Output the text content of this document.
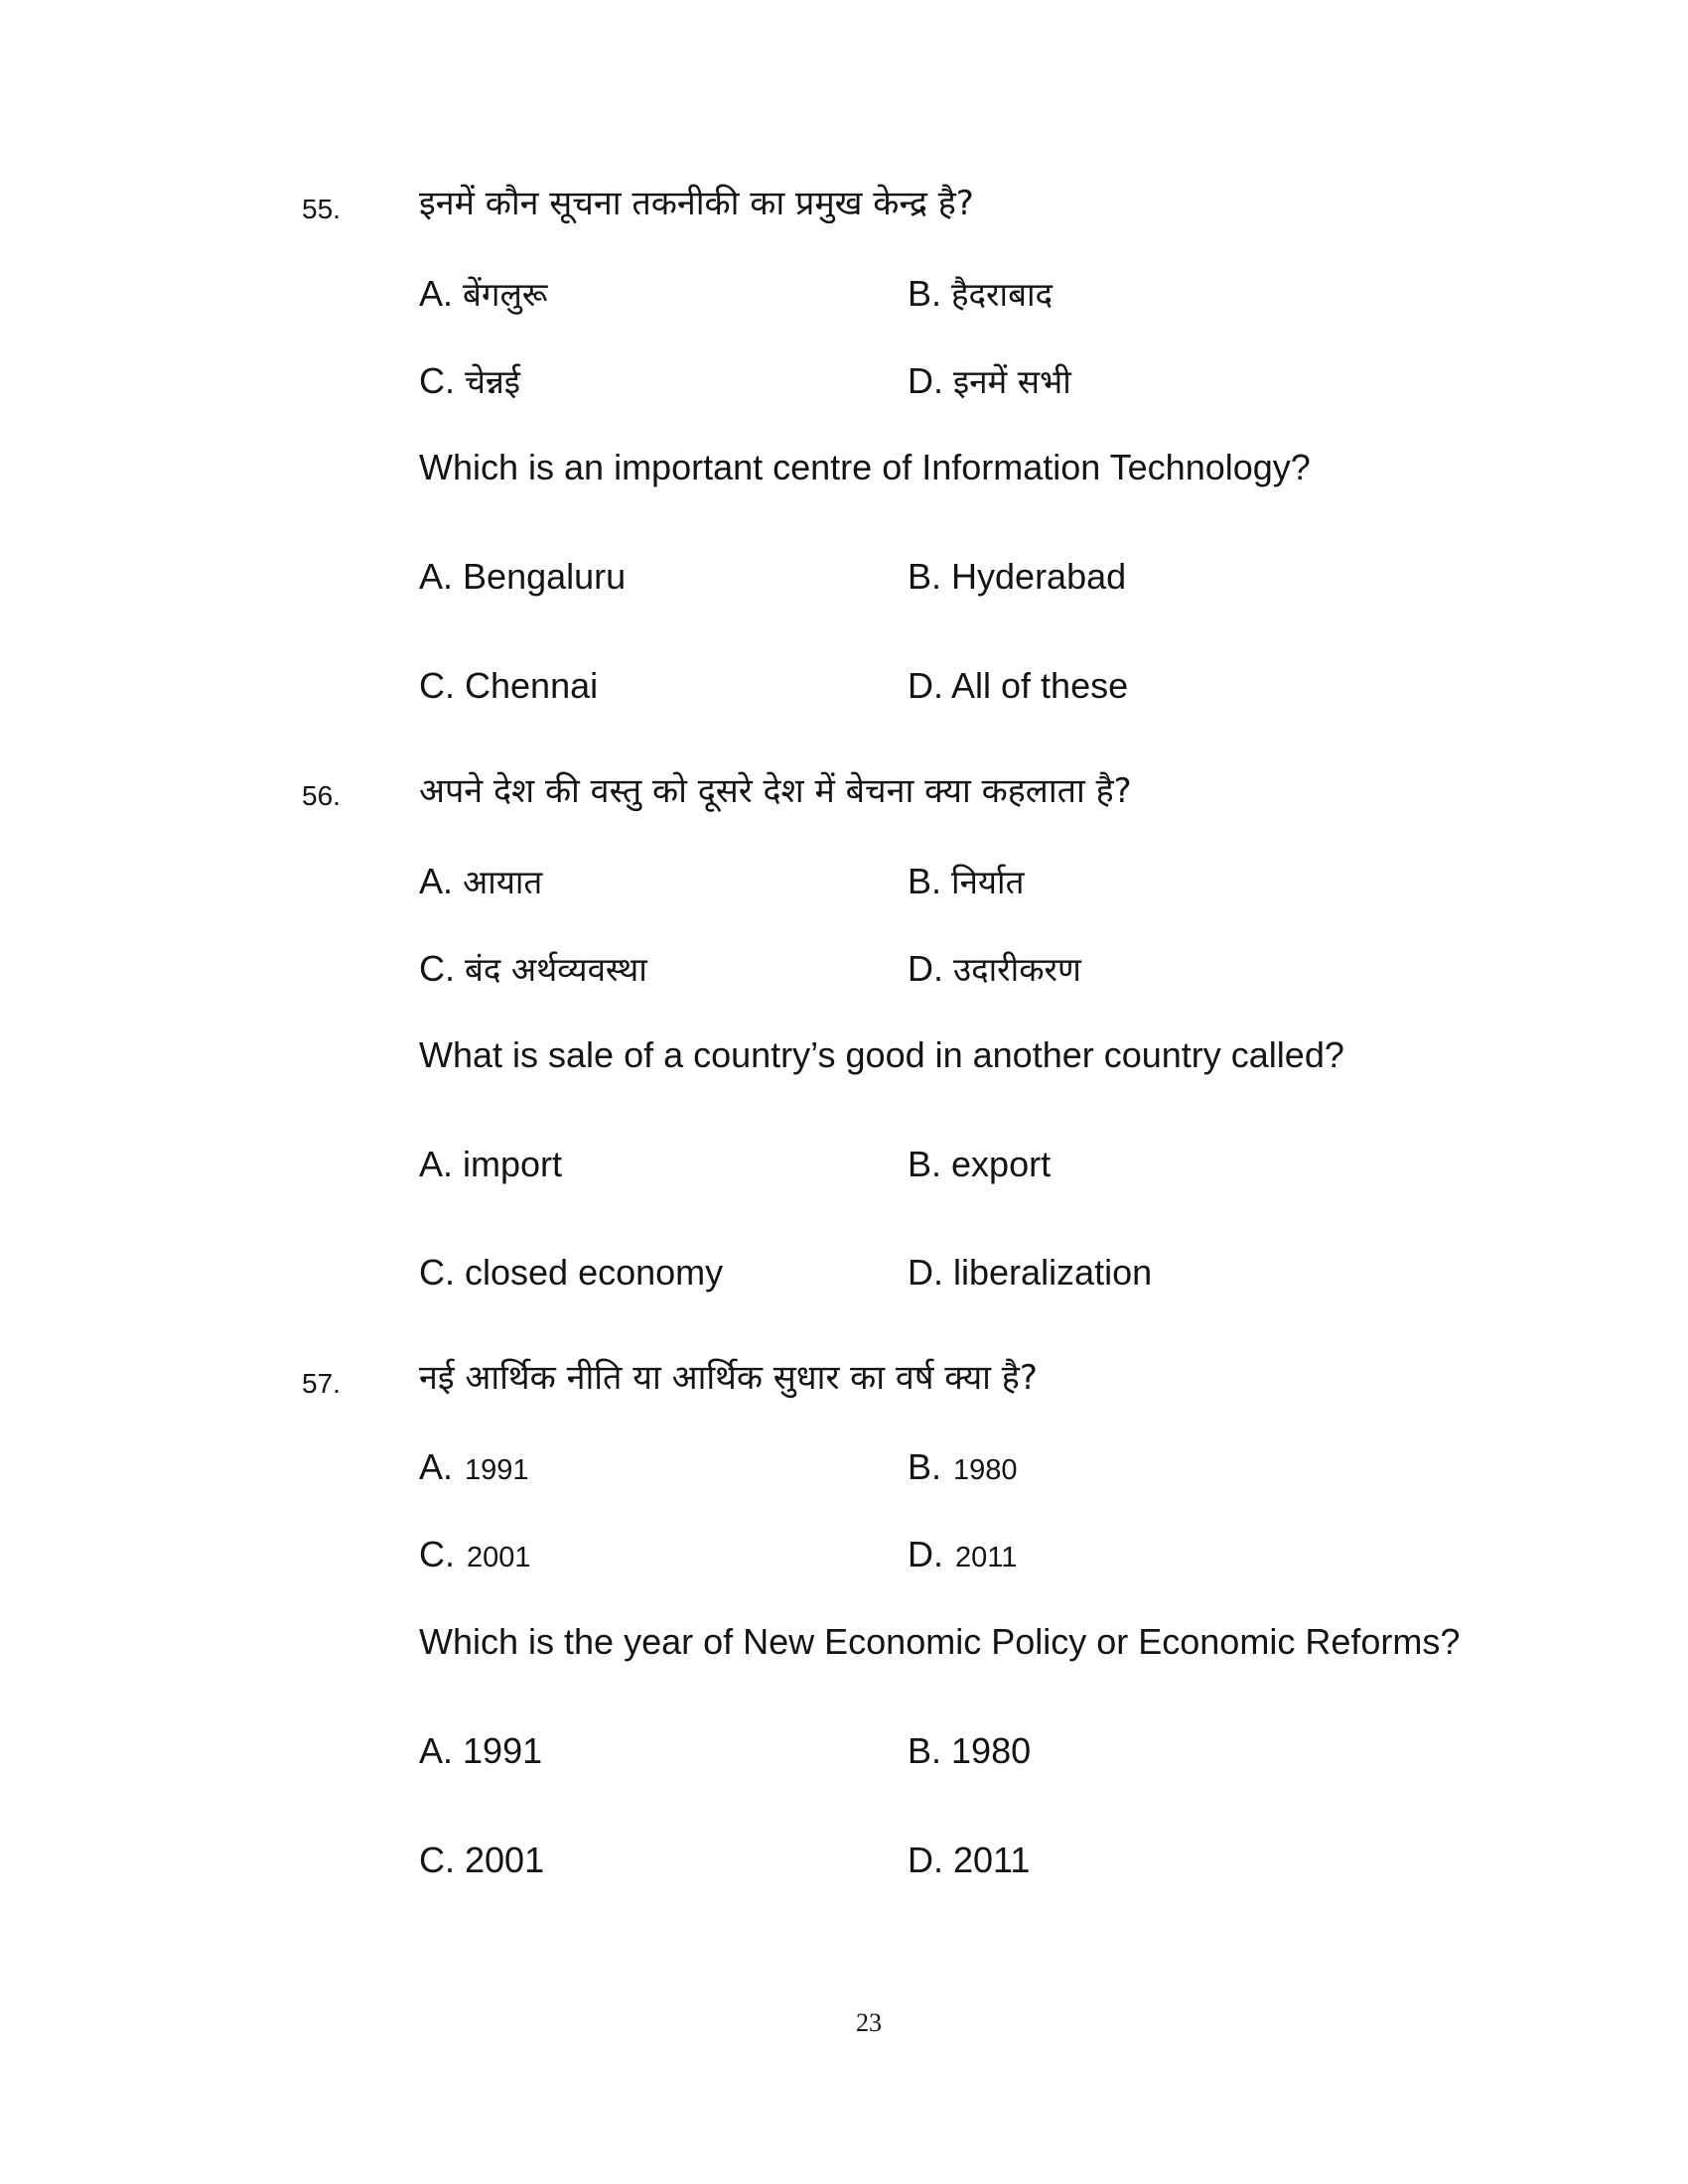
55. इनमें कौन सूचना तकनीकी का प्रमुख केन्द्र है?
A. बेंगलुरू	B. हैदराबाद
C. चेन्नई	D. इनमें सभी
Which is an important centre of Information Technology?
A. Bengaluru	B. Hyderabad
C. Chennai	D. All of these
56. अपने देश की वस्तु को दूसरे देश में बेचना क्या कहलाता है?
A. आयात	B. निर्यात
C. बंद अर्थव्यवस्था	D. उदारीकरण
What is sale of a country’s good in another country called?
A. import	B. export
C. closed economy	D. liberalization
57. नई आर्थिक नीति या आर्थिक सुधार का वर्ष क्या है?
A. 1991	B. 1980
C. 2001	D. 2011
Which is the year of New Economic Policy or Economic Reforms?
A. 1991	B. 1980
C. 2001	D. 2011
23
